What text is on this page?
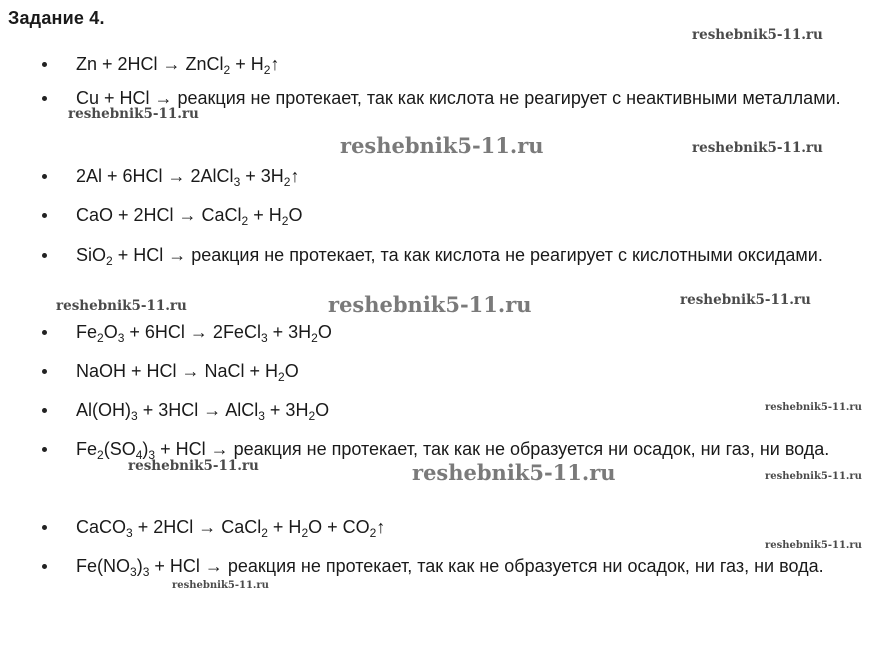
Задание 4.
Zn + 2HCl → ZnCl$_2$ + $H_2↑$
Cu + HCl → реакция не протекает, так как кислота не реагирует с неактивными металлами.
2Al + 6HCl → 2AlCl$_3$ + $3H_2↑$
CaO + 2HCl → CaCl$_2$ + $H_2O$
SiO$_2$ + HCl → реакция не протекает, та как кислота не реагирует с кислотными оксидами.
$Fe_2O_3 + 6HCl$ → 2FeCl$_3$ + $3H_2O$
NaOH + HCl → NaCl + $H_2O$
$Al(OH)_3 + 3HCl$ → AlCl$_3$ + $3H_2O$
$Fe_2(SO_4)_3$ + HCl → реакция не протекает, так как не образуется ни осадок, ни газ, ни вода.
CaCO$_3$ + 2HCl → CaCl$_2$ + $H_2O$ + $CO_2↑$
$Fe(NO_3)_3$ + HCl → реакция не протекает, так как не образуется ни осадок, ни газ, ни вода.
reshebnik5-11.ru
reshebnik5-11.ru
reshebnik5-11.ru	reshebnik5-11.ru
reshebnik5-11.ru	reshebnik5-11.ru	reshebnik5-11.ru
reshebnik5-11.ru
reshebnik5-11.ru	reshebnik5-11.ru	reshebnik5-11.ru
reshebnik5-11.ru
reshebnik5-11.ru
